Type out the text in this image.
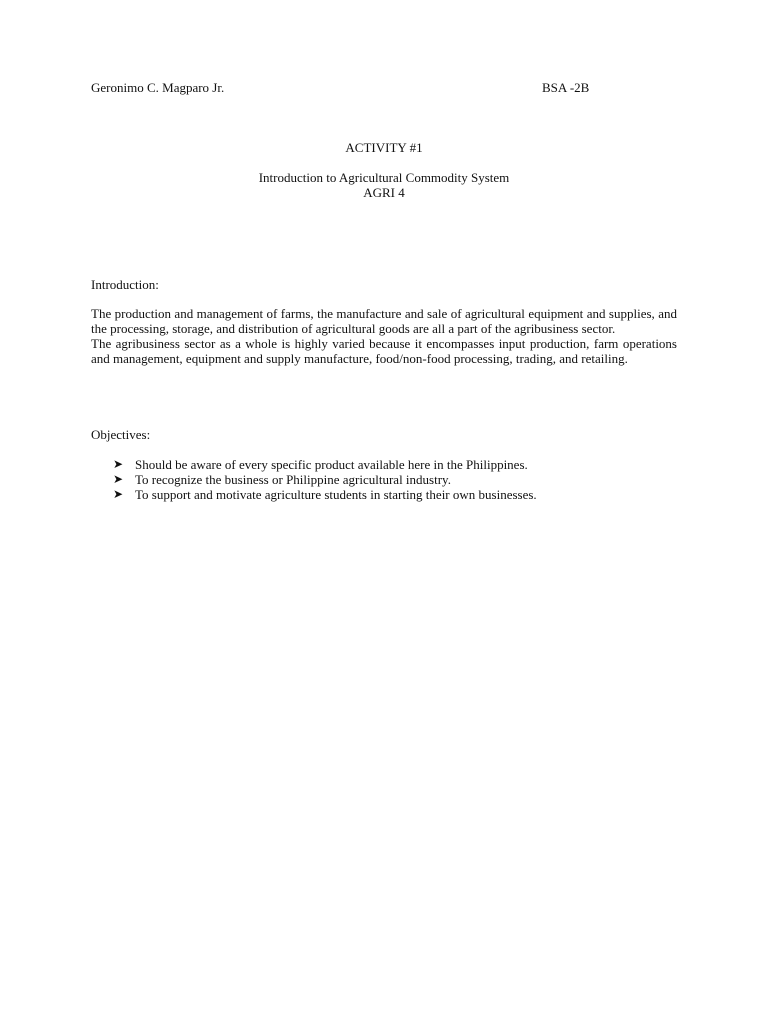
Geronimo C. Magparo Jr.	BSA -2B
ACTIVITY #1
Introduction to Agricultural Commodity System
AGRI 4
Introduction:

The production and management of farms, the manufacture and sale of agricultural equipment and supplies, and the processing, storage, and distribution of agricultural goods are all a part of the agribusiness sector.

The agribusiness sector as a whole is highly varied because it encompasses input production, farm operations and management, equipment and supply manufacture, food/non-food processing, trading, and retailing.

Objectives:
➤ Should be aware of every specific product available here in the Philippines.
➤ To recognize the business or Philippine agricultural industry.
➤ To support and motivate agriculture students in starting their own businesses.
